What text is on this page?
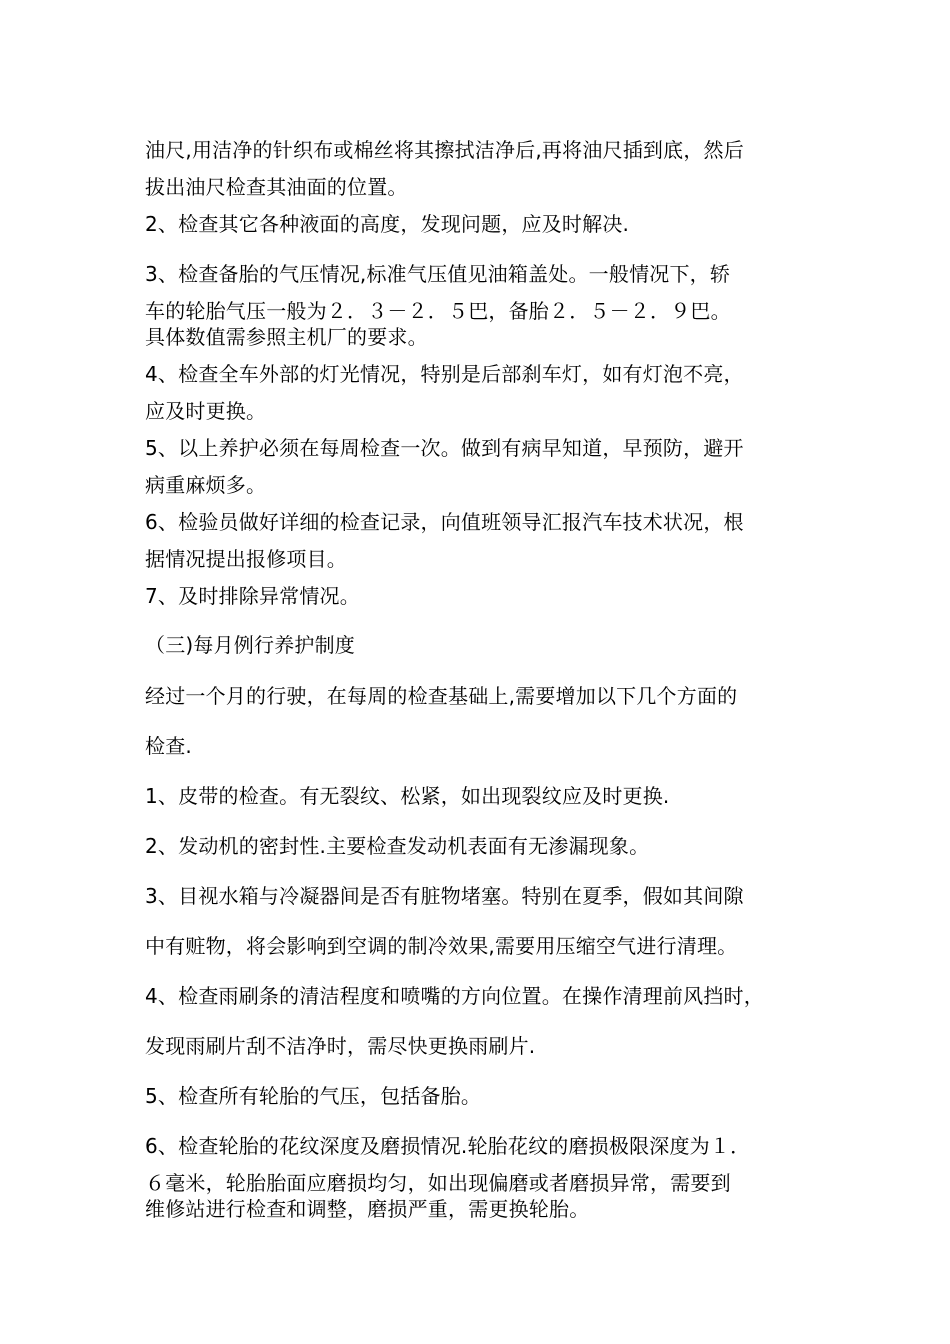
油尺,用洁净的针织布或棉丝将其擦拭洁净后,再将油尺插到底，然后
拔出油尺检查其油面的位置。
2、检查其它各种液面的高度，发现问题，应及时解决.
3、检查备胎的气压情况,标准气压值见油箱盖处。一般情况下，轿
车的轮胎气压一般为２．３－２．５巴，备胎２．５－２．９巴。
具体数值需参照主机厂的要求。
4、检查全车外部的灯光情况，特别是后部刹车灯，如有灯泡不亮，
应及时更换。
5、以上养护必须在每周检查一次。做到有病早知道，早预防，避开
病重麻烦多。
6、检验员做好详细的检查记录，向值班领导汇报汽车技术状况，根
据情况提出报修项目。
7、及时排除异常情况。
（三)每月例行养护制度
经过一个月的行驶，在每周的检查基础上,需要增加以下几个方面的
检查.
1、皮带的检查。有无裂纹、松紧，如出现裂纹应及时更换.
2、发动机的密封性.主要检查发动机表面有无渗漏现象。
3、目视水箱与冷凝器间是否有脏物堵塞。特别在夏季，假如其间隙
中有赃物，将会影响到空调的制冷效果,需要用压缩空气进行清理。
4、检查雨刷条的清洁程度和喷嘴的方向位置。在操作清理前风挡时，
发现雨刷片刮不洁净时，需尽快更换雨刷片.
5、检查所有轮胎的气压，包括备胎。
6、检查轮胎的花纹深度及磨损情况.轮胎花纹的磨损极限深度为１．
６毫米，轮胎胎面应磨损均匀，如出现偏磨或者磨损异常，需要到
维修站进行检查和调整，磨损严重，需更换轮胎。
